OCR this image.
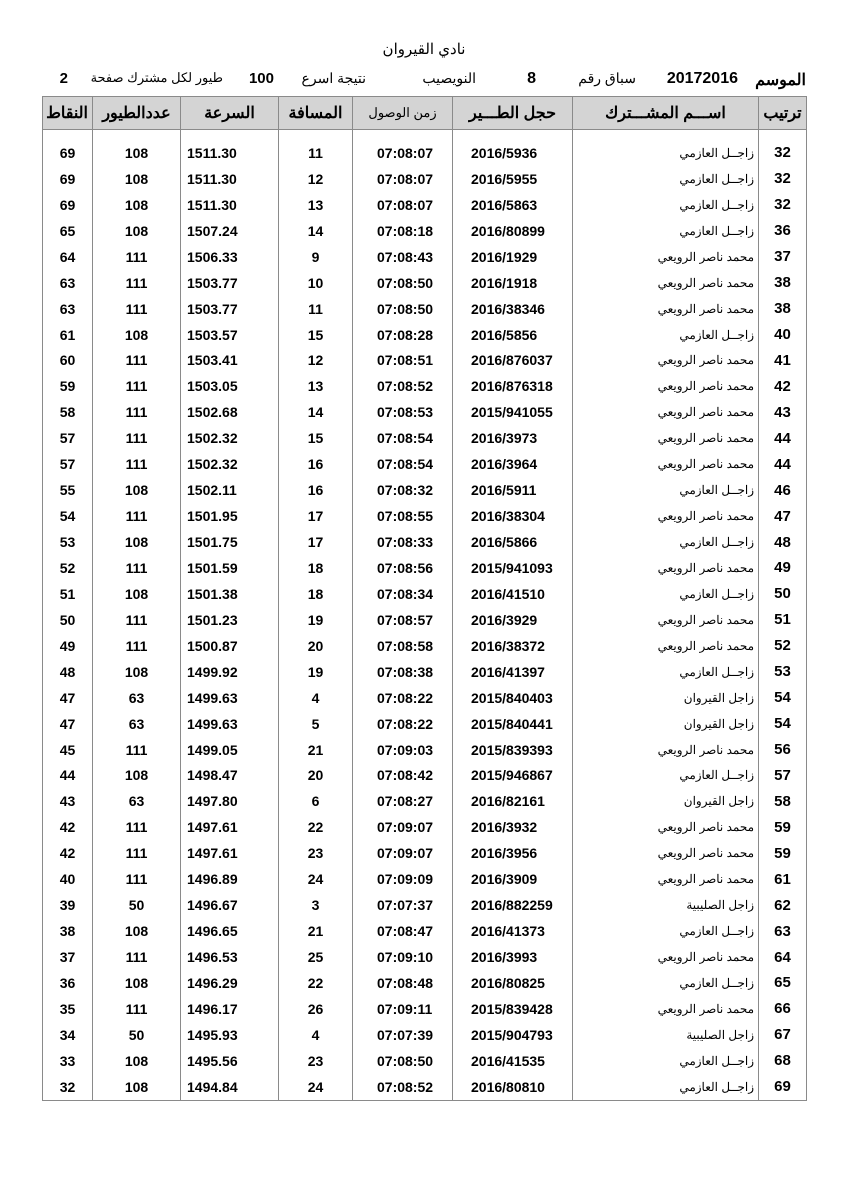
نادي القيروان
الموسم
20172016
سباق رقم
8
النويصيب
نتيجة اسرع
100
طيور لكل مشترك صفحة
2
ترتيب	اســـم المشـــترك	حجل الطـــير	زمن الوصول	المسافة	السرعة	عددالطيور	النقاط

32	زاجــل العازمي	2016/5936	07:08:07	11	1511.30	108	69
32	زاجــل العازمي	2016/5955	07:08:07	12	1511.30	108	69
32	زاجــل العازمي	2016/5863	07:08:07	13	1511.30	108	69
36	زاجــل العازمي	2016/80899	07:08:18	14	1507.24	108	65
37	محمد ناصر الرويعي	2016/1929	07:08:43	9	1506.33	111	64
38	محمد ناصر الرويعي	2016/1918	07:08:50	10	1503.77	111	63
38	محمد ناصر الرويعي	2016/38346	07:08:50	11	1503.77	111	63
40	زاجــل العازمي	2016/5856	07:08:28	15	1503.57	108	61
41	محمد ناصر الرويعي	2016/876037	07:08:51	12	1503.41	111	60
42	محمد ناصر الرويعي	2016/876318	07:08:52	13	1503.05	111	59
43	محمد ناصر الرويعي	2015/941055	07:08:53	14	1502.68	111	58
44	محمد ناصر الرويعي	2016/3973	07:08:54	15	1502.32	111	57
44	محمد ناصر الرويعي	2016/3964	07:08:54	16	1502.32	111	57
46	زاجــل العازمي	2016/5911	07:08:32	16	1502.11	108	55
47	محمد ناصر الرويعي	2016/38304	07:08:55	17	1501.95	111	54
48	زاجــل العازمي	2016/5866	07:08:33	17	1501.75	108	53
49	محمد ناصر الرويعي	2015/941093	07:08:56	18	1501.59	111	52
50	زاجــل العازمي	2016/41510	07:08:34	18	1501.38	108	51
51	محمد ناصر الرويعي	2016/3929	07:08:57	19	1501.23	111	50
52	محمد ناصر الرويعي	2016/38372	07:08:58	20	1500.87	111	49
53	زاجــل العازمي	2016/41397	07:08:38	19	1499.92	108	48
54	زاجل القيروان	2015/840403	07:08:22	4	1499.63	63	47
54	زاجل القيروان	2015/840441	07:08:22	5	1499.63	63	47
56	محمد ناصر الرويعي	2015/839393	07:09:03	21	1499.05	111	45
57	زاجــل العازمي	2015/946867	07:08:42	20	1498.47	108	44
58	زاجل القيروان	2016/82161	07:08:27	6	1497.80	63	43
59	محمد ناصر الرويعي	2016/3932	07:09:07	22	1497.61	111	42
59	محمد ناصر الرويعي	2016/3956	07:09:07	23	1497.61	111	42
61	محمد ناصر الرويعي	2016/3909	07:09:09	24	1496.89	111	40
62	زاجل الصليبية	2016/882259	07:07:37	3	1496.67	50	39
63	زاجــل العازمي	2016/41373	07:08:47	21	1496.65	108	38
64	محمد ناصر الرويعي	2016/3993	07:09:10	25	1496.53	111	37
65	زاجــل العازمي	2016/80825	07:08:48	22	1496.29	108	36
66	محمد ناصر الرويعي	2015/839428	07:09:11	26	1496.17	111	35
67	زاجل الصليبية	2015/904793	07:07:39	4	1495.93	50	34
68	زاجــل العازمي	2016/41535	07:08:50	23	1495.56	108	33
69	زاجــل العازمي	2016/80810	07:08:52	24	1494.84	108	32
